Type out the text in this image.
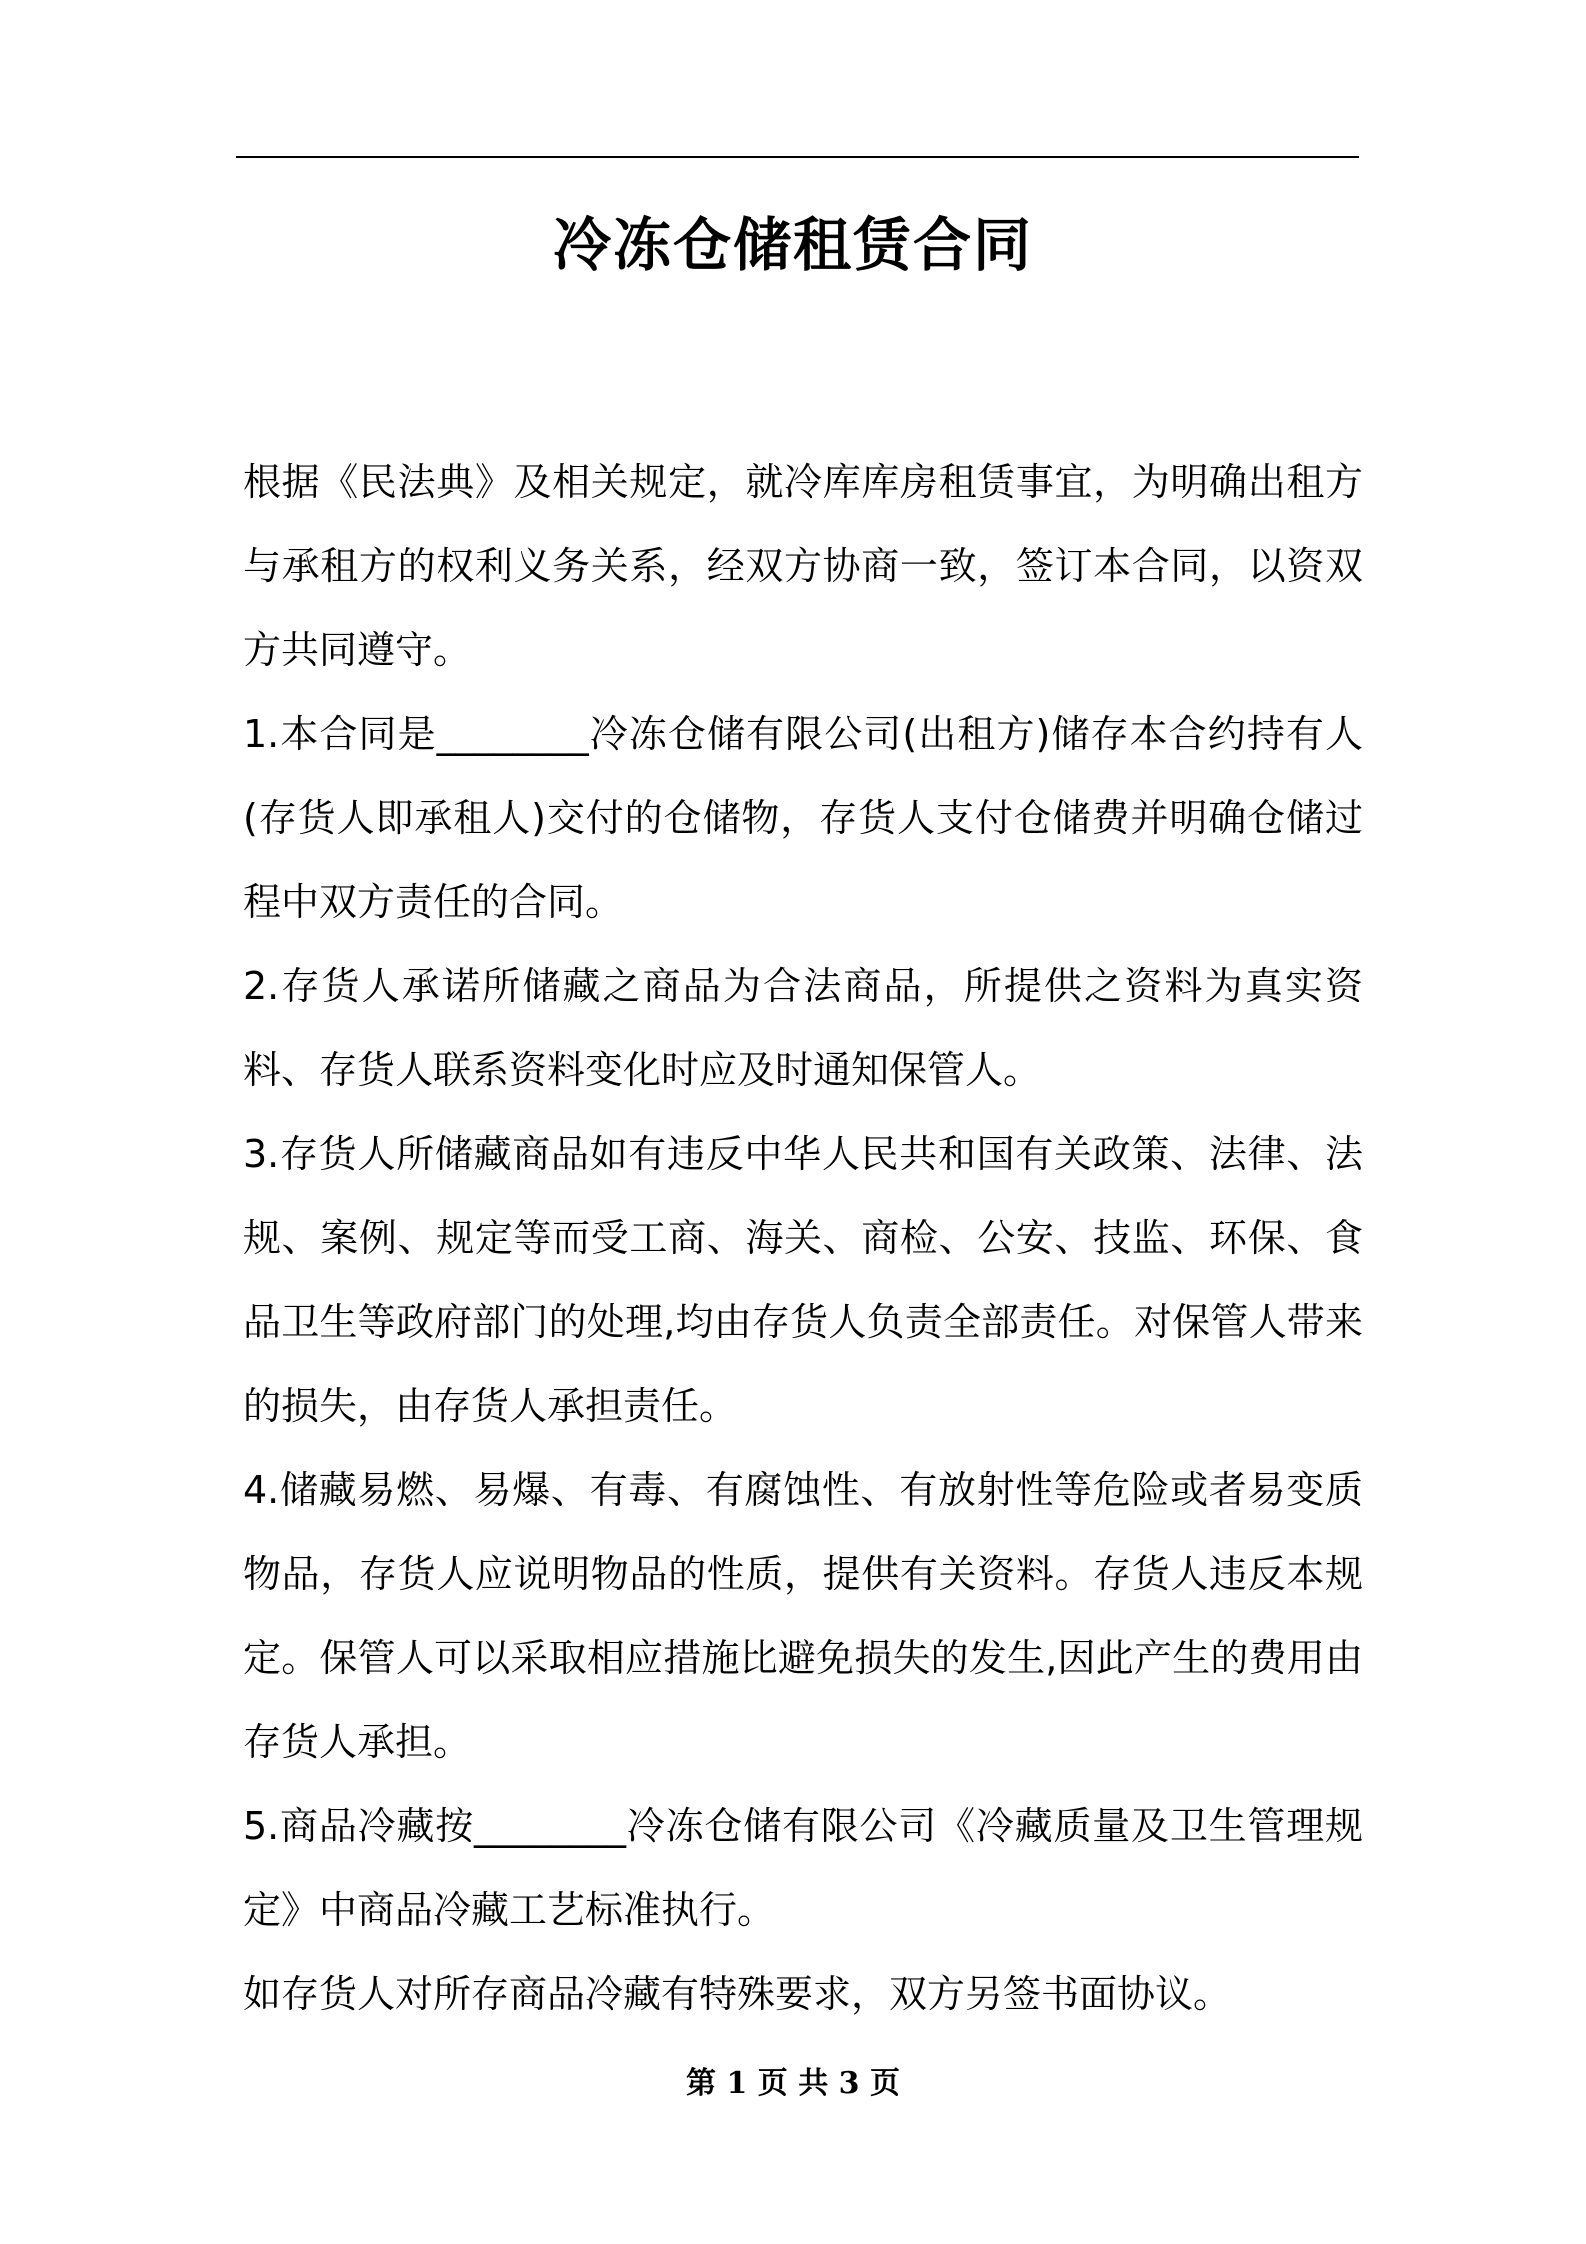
冷冻仓储租赁合同

根据《民法典》及相关规定，就冷库库房租赁事宜，为明确出租方与承租方的权利义务关系，经双方协商一致，签订本合同，以资双方共同遵守。

1.本合同是________冷冻仓储有限公司(出租方)储存本合约持有人(存货人即承租人)交付的仓储物，存货人支付仓储费并明确仓储过程中双方责任的合同。

2.存货人承诺所储藏之商品为合法商品，所提供之资料为真实资料、存货人联系资料变化时应及时通知保管人。

3.存货人所储藏商品如有违反中华人民共和国有关政策、法律、法规、案例、规定等而受工商、海关、商检、公安、技监、环保、食品卫生等政府部门的处理,均由存货人负责全部责任。对保管人带来的损失，由存货人承担责任。

4.储藏易燃、易爆、有毒、有腐蚀性、有放射性等危险或者易变质物品，存货人应说明物品的性质，提供有关资料。存货人违反本规定。保管人可以采取相应措施比避免损失的发生,因此产生的费用由存货人承担。

5.商品冷藏按________冷冻仓储有限公司《冷藏质量及卫生管理规定》中商品冷藏工艺标准执行。

如存货人对所存商品冷藏有特殊要求，双方另签书面协议。

第 1 页 共 3 页
